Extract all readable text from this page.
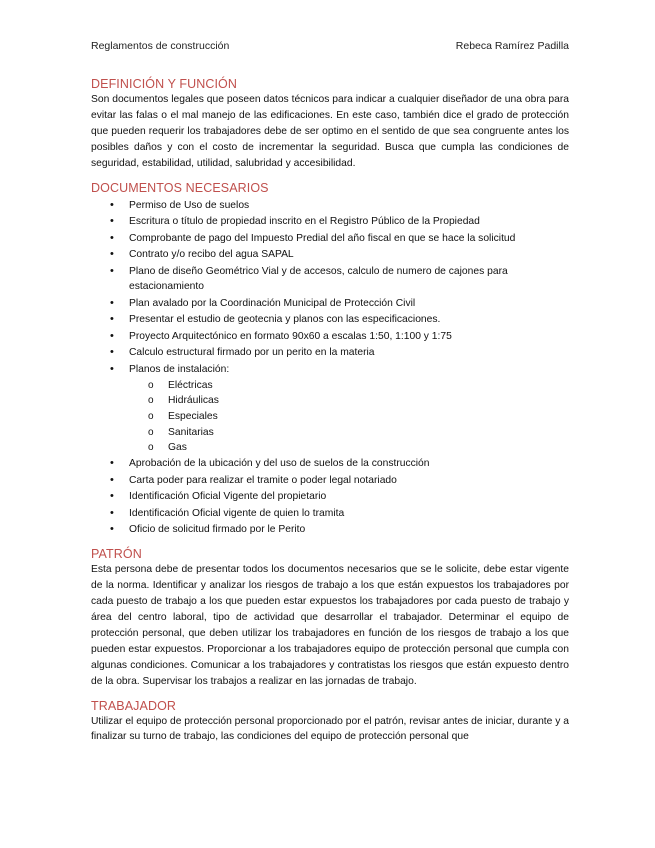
Reglamentos de construcción	Rebeca Ramírez Padilla
DEFINICIÓN Y FUNCIÓN

Son documentos legales que poseen datos técnicos para indicar a cualquier diseñador de una obra para evitar las falas o el mal manejo de las edificaciones. En este caso, también dice el grado de protección que pueden requerir los trabajadores debe de ser optimo en el sentido de que sea congruente antes los posibles daños y con el costo de incrementar la seguridad. Busca que cumpla las condiciones de seguridad, estabilidad, utilidad, salubridad y accesibilidad.

DOCUMENTOS NECESARIOS
• Permiso de Uso de suelos
• Escritura o título de propiedad inscrito en el Registro Público de la Propiedad
• Comprobante de pago del Impuesto Predial del año fiscal en que se hace la solicitud
• Contrato y/o recibo del agua SAPAL
• Plano de diseño Geométrico Vial y de accesos, calculo de numero de cajones para estacionamiento
• Plan avalado por la Coordinación Municipal de Protección Civil
• Presentar el estudio de geotecnia y planos con las especificaciones.
• Proyecto Arquitectónico en formato 90x60 a escalas 1:50, 1:100 y 1:75
• Calculo estructural firmado por un perito en la materia
• Planos de instalación:
o Eléctricas
o Hidráulicas
o Especiales
o Sanitarias
o Gas
• Aprobación de la ubicación y del uso de suelos de la construcción
• Carta poder para realizar el tramite o poder legal notariado
• Identificación Oficial Vigente del propietario
• Identificación Oficial vigente de quien lo tramita
• Oficio de solicitud firmado por le Perito
PATRÓN

Esta persona debe de presentar todos los documentos necesarios que se le solicite, debe estar vigente de la norma. Identificar y analizar los riesgos de trabajo a los que están expuestos los trabajadores por cada puesto de trabajo a los que pueden estar expuestos los trabajadores por cada puesto de trabajo y área del centro laboral, tipo de actividad que desarrollar el trabajador. Determinar el equipo de protección personal, que deben utilizar los trabajadores en función de los riesgos de trabajo a los que pueden estar expuestos. Proporcionar a los trabajadores equipo de protección personal que cumpla con algunas condiciones. Comunicar a los trabajadores y contratistas los riesgos que están expuesto dentro de la obra. Supervisar los trabajos a realizar en las jornadas de trabajo.

TRABAJADOR

Utilizar el equipo de protección personal proporcionado por el patrón, revisar antes de iniciar, durante y a finalizar su turno de trabajo, las condiciones del equipo de protección personal que
